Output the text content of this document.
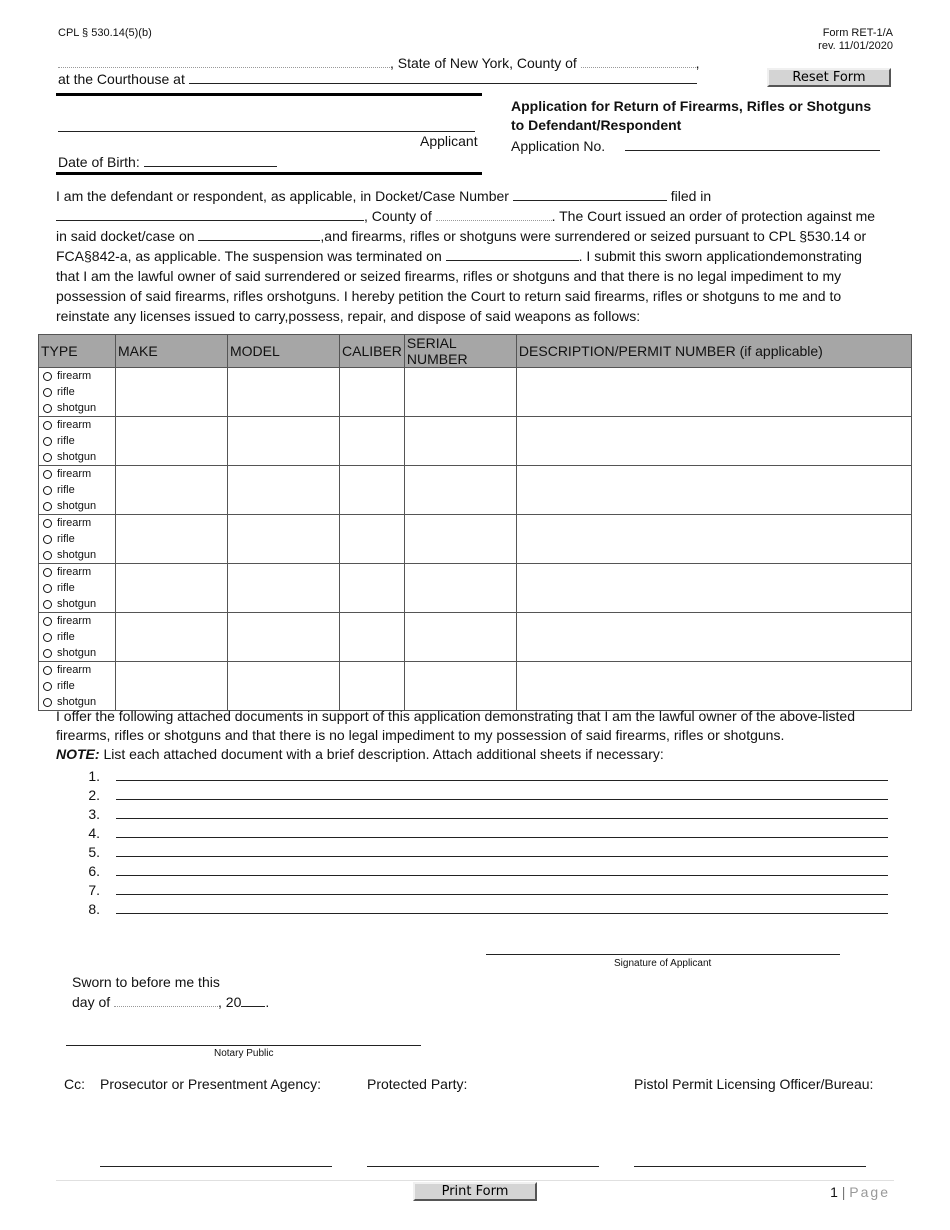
CPL § 530.14(5)(b)	Form RET-1/A
rev. 11/01/2020
, State of New York, County of	,
at the Courthouse at	Reset Form
Applicant
Date of Birth:
Application for Return of Firearms, Rifles or Shotguns
to Defendant/Respondent
Application No.
I am the defendant or respondent, as applicable, in Docket/Case Number	filed in
, County of	. The Court issued an order of protection against me
in said docket/case on	,and firearms, rifles or shotguns were surrendered or seized pursuant to CPL §530.14 or
FCA§842-a, as applicable. The suspension was terminated on	. I submit this sworn applicationdemonstrating
that I am the lawful owner of said surrendered or seized firearms, rifles or shotguns and that there is no legal impediment to my
possession of said firearms, rifles orshotguns. I hereby petition the Court to return said firearms, rifles or shotguns to me and to
reinstate any licenses issued to carry,possess, repair, and dispose of said weapons as follows:
TYPE	MAKE	MODEL	CALIBER	SERIAL NUMBER	DESCRIPTION/PERMIT NUMBER (if applicable)

firearm
rifle
shotgun					

firearm
rifle
shotgun					

firearm
rifle
shotgun					

firearm
rifle
shotgun					

firearm
rifle
shotgun					

firearm
rifle
shotgun					

firearm
rifle
shotgun					

I offer the following attached documents in support of this application demonstrating that I am the lawful owner of the above-listed
firearms, rifles or shotguns and that there is no legal impediment to my possession of said firearms, rifles or shotguns.
NOTE: List each attached document with a brief description. Attach additional sheets if necessary:
1.
2.
3.
4.
5.
6.
7.
8.
Signature of Applicant
Sworn to before me this
day of	, 20 .
Notary Public
Cc: Prosecutor or Presentment Agency:	Protected Party:	Pistol Permit Licensing Officer/Bureau:
Print Form	1 | Page
